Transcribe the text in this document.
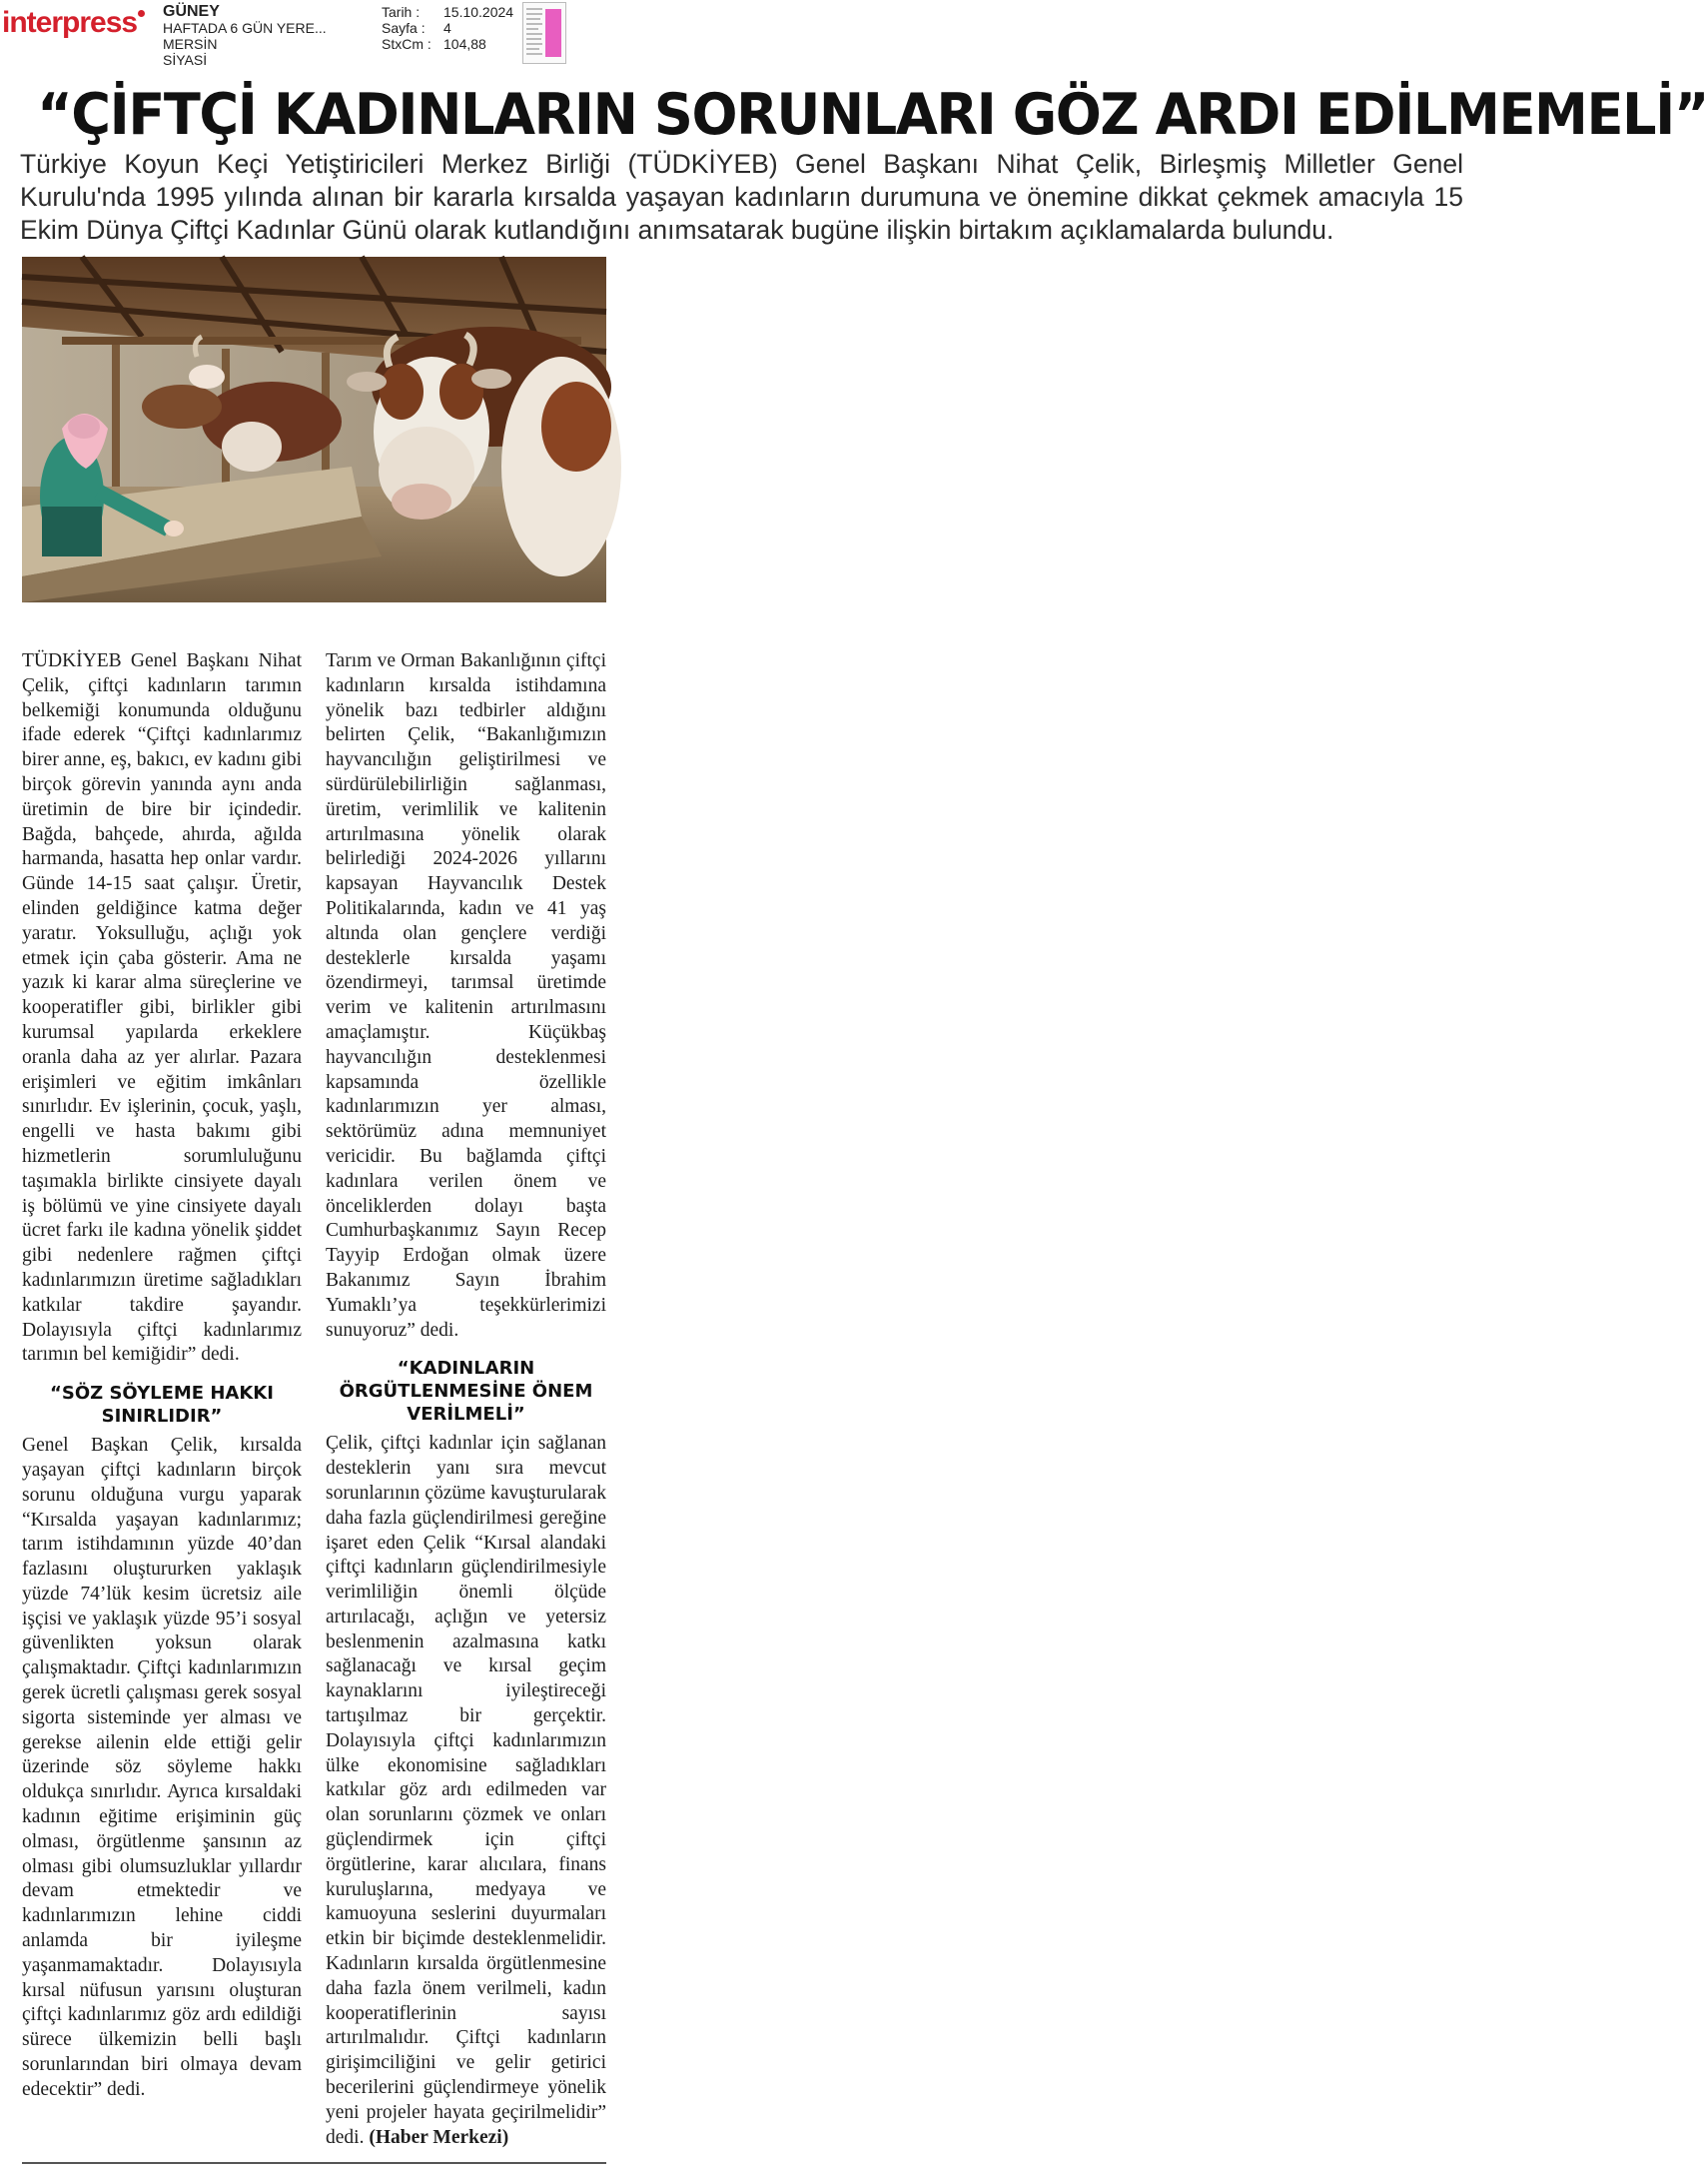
interpress	GÜNEY
HAFTADA 6 GÜN YERE...
MERSİN
SİYASİ
Tarih :	15.10.2024
Sayfa :	4
StxCm : 104,88
“ÇİFTÇİ KADINLARIN SORUNLARI GÖZ ARDI EDİLMEMELİ”
Türkiye Koyun Keçi Yetiştiricileri Merkez Birliği (TÜDKİYEB) Genel Başkanı Nihat Çelik, Birleşmiş Milletler Genel Kurulu'nda 1995 yılında alınan bir kararla kırsalda yaşayan kadınların durumuna ve önemine dikkat çekmek amacıyla 15 Ekim Dünya Çiftçi Kadınlar Günü olarak kutlandığını anımsatarak bugüne ilişkin birtakım açıklamalarda bulundu.

TÜDKİYEB Genel Başkanı Nihat Çelik, çiftçi kadınların tarımın belkemiği konumunda olduğunu ifade ederek “Çiftçi kadınlarımız birer anne, eş, bakıcı, ev kadını gibi birçok görevin yanında aynı anda üretimin de bire bir içindedir. Bağda, bahçede, ahırda, ağılda harmanda, hasatta hep onlar vardır. Günde 14-15 saat çalışır. Üretir, elinden geldiğince katma değer yaratır. Yoksulluğu, açlığı yok etmek için çaba gösterir. Ama ne yazık ki karar alma süreçlerine ve kooperatifler gibi, birlikler gibi kurumsal yapılarda erkeklere oranla daha az yer alırlar. Pazara erişimleri ve eğitim imkânları sınırlıdır. Ev işlerinin, çocuk, yaşlı, engelli ve hasta bakımı gibi hizmetlerin sorumluluğunu taşımakla birlikte cinsiyete dayalı iş bölümü ve yine cinsiyete dayalı ücret farkı ile kadına yönelik şiddet gibi nedenlere rağmen çiftçi kadınlarımızın üretime sağladıkları katkılar takdire şayandır. Dolayısıyla çiftçi kadınlarımız tarımın bel kemiğidir” dedi.

“SÖZ SÖYLEME HAKKI SINIRLIDIR”

Genel Başkan Çelik, kırsalda yaşayan çiftçi kadınların birçok sorunu olduğuna vurgu yaparak “Kırsalda yaşayan kadınlarımız; tarım istihdamının yüzde 40’dan fazlasını oluştururken yaklaşık yüzde 74’lük kesim ücretsiz aile işçisi ve yaklaşık yüzde 95’i sosyal güvenlikten yoksun olarak çalışmaktadır. Çiftçi kadınlarımızın gerek ücretli çalışması gerek sosyal sigorta sisteminde yer alması ve gerekse ailenin elde ettiği gelir üzerinde söz söyleme hakkı oldukça sınırlıdır. Ayrıca kırsaldaki kadının eğitime erişiminin güç olması, örgütlenme şansının az olması gibi olumsuzluklar yıllardır devam etmektedir ve kadınlarımızın lehine ciddi anlamda bir iyileşme yaşanmamaktadır. Dolayısıyla kırsal nüfusun yarısını oluşturan çiftçi kadınlarımız göz ardı edildiği sürece ülkemizin belli başlı sorunlarından biri olmaya devam edecektir” dedi.

Tarım ve Orman Bakanlığının çiftçi kadınların kırsalda istihdamına yönelik bazı tedbirler aldığını belirten Çelik, “Bakanlığımızın hayvancılığın geliştirilmesi ve sürdürülebilirliğin sağlanması, üretim, verimlilik ve kalitenin artırılmasına yönelik olarak belirlediği 2024-2026 yıllarını kapsayan Hayvancılık Destek Politikalarında, kadın ve 41 yaş altında olan gençlere verdiği desteklerle kırsalda yaşamı özendirmeyi, tarımsal üretimde verim ve kalitenin artırılmasını amaçlamıştır. Küçükbaş hayvancılığın desteklenmesi kapsamında özellikle kadınlarımızın yer alması, sektörümüz adına memnuniyet vericidir. Bu bağlamda çiftçi kadınlara verilen önem ve önceliklerden dolayı başta Cumhurbaşkanımız Sayın Recep Tayyip Erdoğan olmak üzere Bakanımız Sayın İbrahim Yumaklı’ya teşekkürlerimizi sunuyoruz” dedi.

“KADINLARIN ÖRGÜTLENMESİNE ÖNEM VERİLMELİ”

Çelik, çiftçi kadınlar için sağlanan desteklerin yanı sıra mevcut sorunlarının çözüme kavuşturularak daha fazla güçlendirilmesi gereğine işaret eden Çelik “Kırsal alandaki çiftçi kadınların güçlendirilmesiyle verimliliğin önemli ölçüde artırılacağı, açlığın ve yetersiz beslenmenin azalmasına katkı sağlanacağı ve kırsal geçim kaynaklarını iyileştireceği tartışılmaz bir gerçektir. Dolayısıyla çiftçi kadınlarımızın ülke ekonomisine sağladıkları katkılar göz ardı edilmeden var olan sorunlarını çözmek ve onları güçlendirmek için çiftçi örgütlerine, karar alıcılara, finans kuruluşlarına, medyaya ve kamuoyuna seslerini duyurmaları etkin bir biçimde desteklenmelidir. Kadınların kırsalda örgütlenmesine daha fazla önem verilmeli, kadın kooperatiflerinin sayısı artırılmalıdır. Çiftçi kadınların girişimciliğini ve gelir getirici becerilerini güçlendirmeye yönelik yeni projeler hayata geçirilmelidir” dedi. (Haber Merkezi)
